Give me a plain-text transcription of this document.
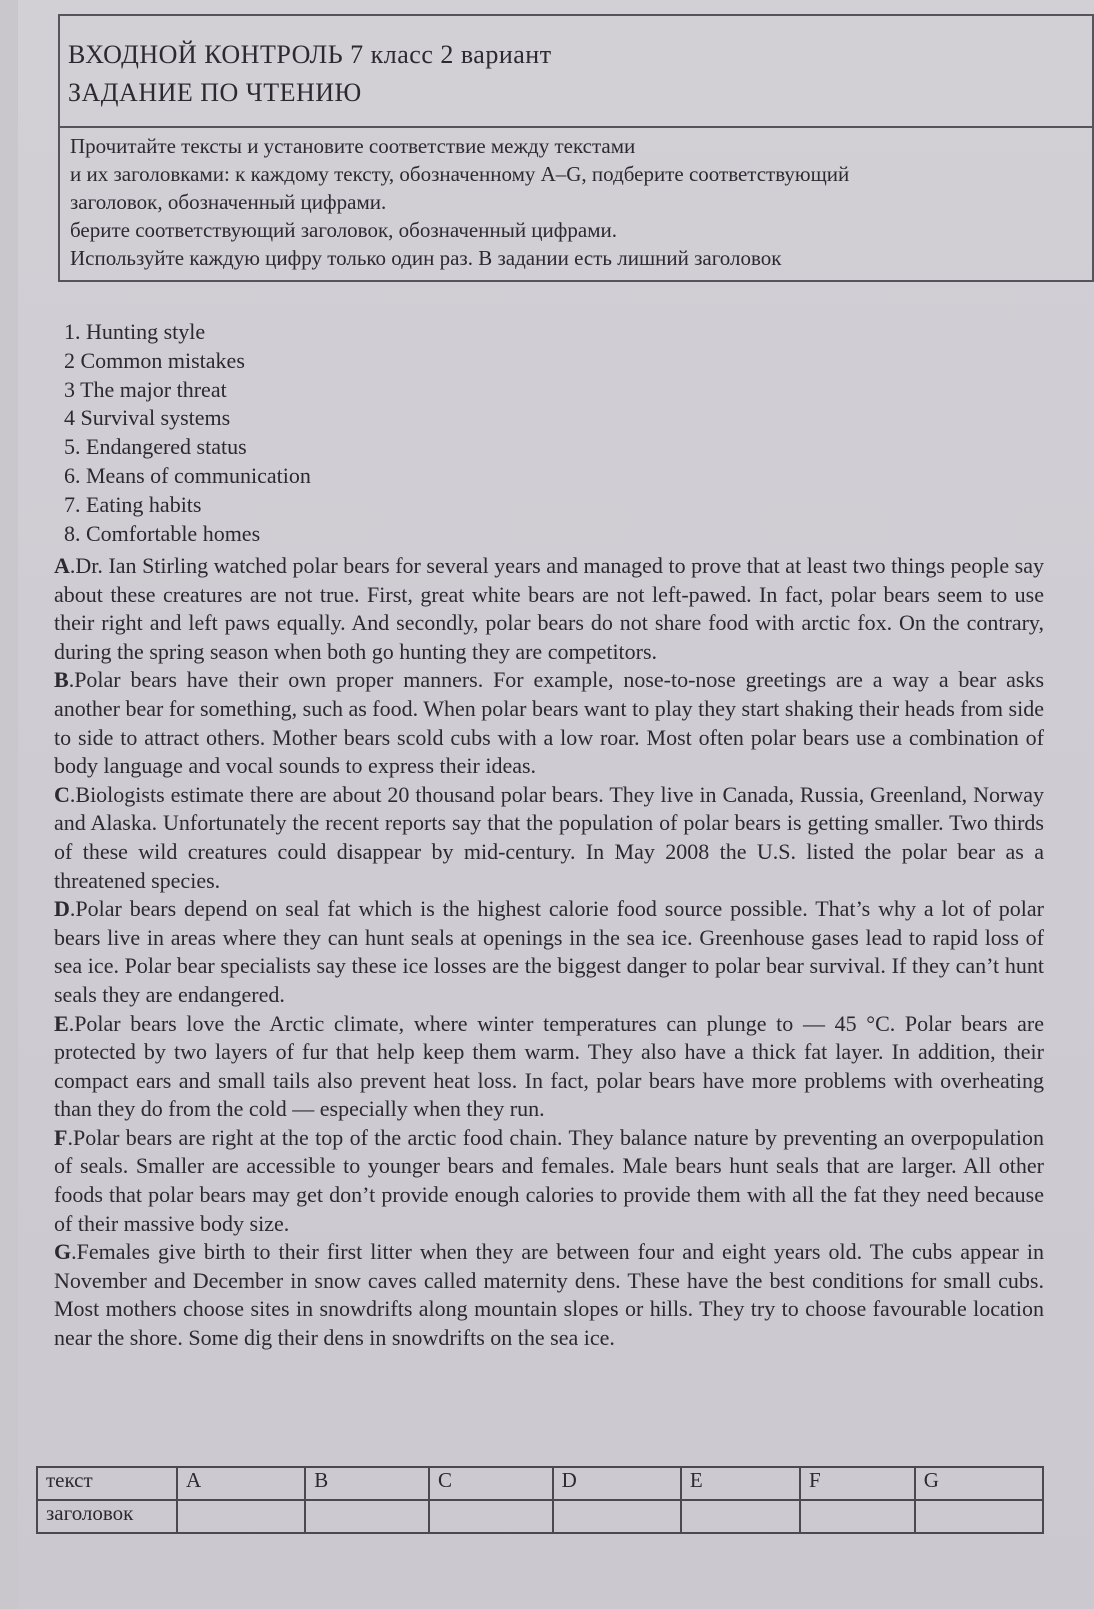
ВХОДНОЙ КОНТРОЛЬ 7 класс 2 вариант
ЗАДАНИЕ ПО ЧТЕНИЮ
Прочитайте тексты и установите соответствие между текстами
и их заголовками: к каждому тексту, обозначенному A–G, подберите соответствующий
заголовок, обозначенный цифрами.
берите соответствующий заголовок, обозначенный цифрами.
Используйте каждую цифру только один раз. В задании есть лишний заголовок
1. Hunting style
2 Common mistakes
3 The major threat
4 Survival systems
5. Endangered status
6. Means of communication
7. Eating habits
8. Comfortable homes
A.Dr. Ian Stirling watched polar bears for several years and managed to prove that at least two things people say about these creatures are not true. First, great white bears are not left-pawed. In fact, polar bears seem to use their right and left paws equally. And secondly, polar bears do not share food with arctic fox. On the contrary, during the spring season when both go hunting they are competitors.
B.Polar bears have their own proper manners. For example, nose-to-nose greetings are a way a bear asks another bear for something, such as food. When polar bears want to play they start shaking their heads from side to side to attract others. Mother bears scold cubs with a low roar. Most often polar bears use a combination of body language and vocal sounds to express their ideas.
C.Biologists estimate there are about 20 thousand polar bears. They live in Canada, Russia, Greenland, Norway and Alaska. Unfortunately the recent reports say that the population of polar bears is getting smaller. Two thirds of these wild creatures could disappear by mid-century. In May 2008 the U.S. listed the polar bear as a threatened species.
D.Polar bears depend on seal fat which is the highest calorie food source possible. That’s why a lot of polar bears live in areas where they can hunt seals at openings in the sea ice. Greenhouse gases lead to rapid loss of sea ice. Polar bear specialists say these ice losses are the biggest danger to polar bear survival. If they can’t hunt seals they are endangered.
E.Polar bears love the Arctic climate, where winter temperatures can plunge to — 45 °C. Polar bears are protected by two layers of fur that help keep them warm. They also have a thick fat layer. In addition, their compact ears and small tails also prevent heat loss. In fact, polar bears have more problems with overheating than they do from the cold — especially when they run.
F.Polar bears are right at the top of the arctic food chain. They balance nature by preventing an overpopulation of seals. Smaller are accessible to younger bears and females. Male bears hunt seals that are larger. All other foods that polar bears may get don’t provide enough calories to provide them with all the fat they need because of their massive body size.
G.Females give birth to their first litter when they are between four and eight years old. The cubs appear in November and December in snow caves called maternity dens. These have the best conditions for small cubs. Most mothers choose sites in snowdrifts along mountain slopes or hills. They try to choose favourable location near the shore. Some dig their dens in snowdrifts on the sea ice.
текст	A	B	C	D	E	F	G
заголовок							
